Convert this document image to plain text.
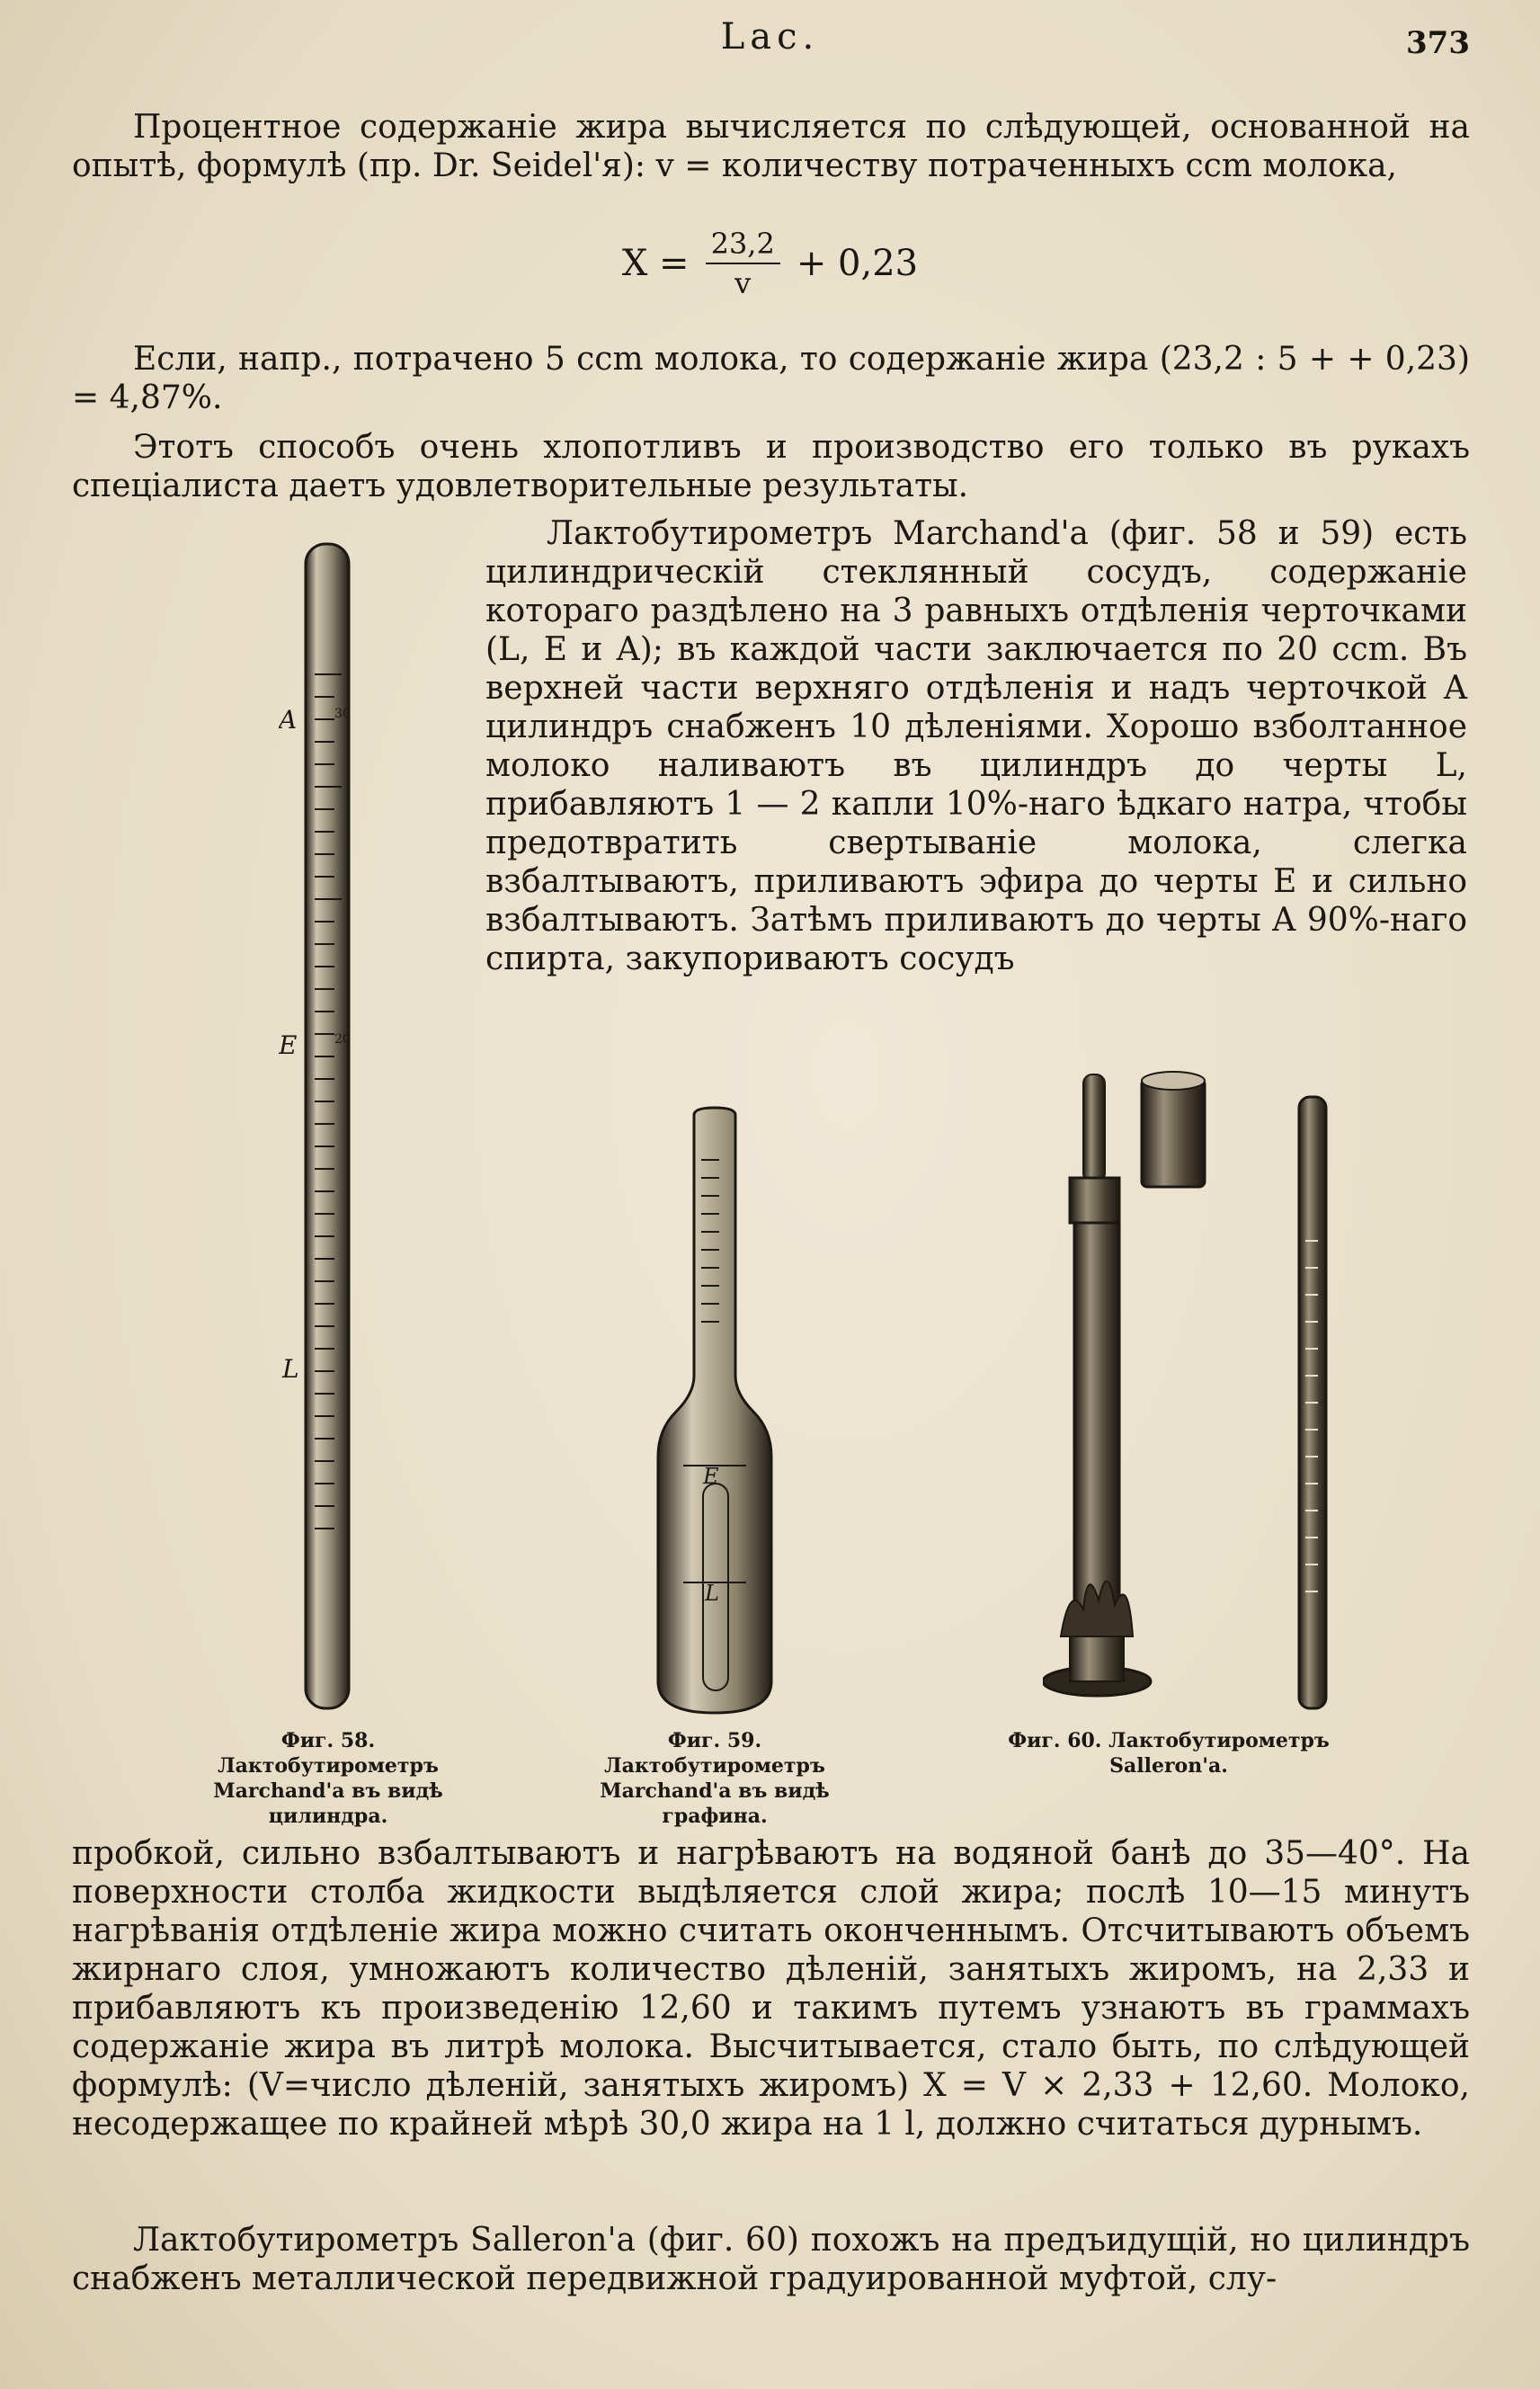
Lac.	373

Процентное содержаніе жира вычисляется по слѣдующей, основанной на опытѣ, формулѣ (пр. Dr. Seidel'я): v = количеству потраченныхъ ccm молока,

$X = \frac{23,2}{v} + 0,23$

Если, напр., потрачено 5 ccm молока, то содержаніе жира (23,2 : 5 + + 0,23) = 4,87%.

Этотъ способъ очень хлопотливъ и производство его только въ рукахъ спеціалиста даетъ удовлетворительные результаты.

Лактобутирометръ Marchand'а (фиг. 58 и 59) есть цилиндрическій стеклянный сосудъ, содержаніе котораго раздѣлено на 3 равныхъ отдѣленія черточками (L, E и A); въ каждой части заключается по 20 ccm. Въ верхней части верхняго отдѣленія и надъ черточкой A цилиндръ снабженъ 10 дѣленіями. Хорошо взболтанное молоко наливаютъ въ цилиндръ до черты L, прибавляютъ 1 — 2 капли 10%-наго ѣдкаго натра, чтобы предотвратить свертываніе молока, слегка взбалтываютъ, приливаютъ эфира до черты E и сильно взбалтываютъ. Затѣмъ приливаютъ до черты A 90%-наго спирта, закупориваютъ сосудъ

A	30
E	20
L
Фиг. 58. Лактобутирометръ Marchand'а въ видѣ цилиндра.
E
L
Фиг. 59. Лактобутирометръ Marchand'а въ видѣ графина.
Фиг. 60. Лактобутирометръ Salleron'а.

пробкой, сильно взбалтываютъ и нагрѣваютъ на водяной банѣ до 35—40°. На поверхности столба жидкости выдѣляется слой жира; послѣ 10—15 минутъ нагрѣванія отдѣленіе жира можно считать оконченнымъ. Отсчитываютъ объемъ жирнаго слоя, умножаютъ количество дѣленій, занятыхъ жиромъ, на 2,33 и прибавляютъ къ произведенію 12,60 и такимъ путемъ узнаютъ въ граммахъ содержаніе жира въ литрѣ молока. Высчитывается, стало быть, по слѣдующей формулѣ: (V=число дѣленій, занятыхъ жиромъ) X = V × 2,33 + 12,60. Молоко, несодержащее по крайней мѣрѣ 30,0 жира на 1 l, должно считаться дурнымъ.

Лактобутирометръ Salleron'а (фиг. 60) похожъ на предъидущій, но цилиндръ снабженъ металлической передвижной градуированной муфтой, слу-
